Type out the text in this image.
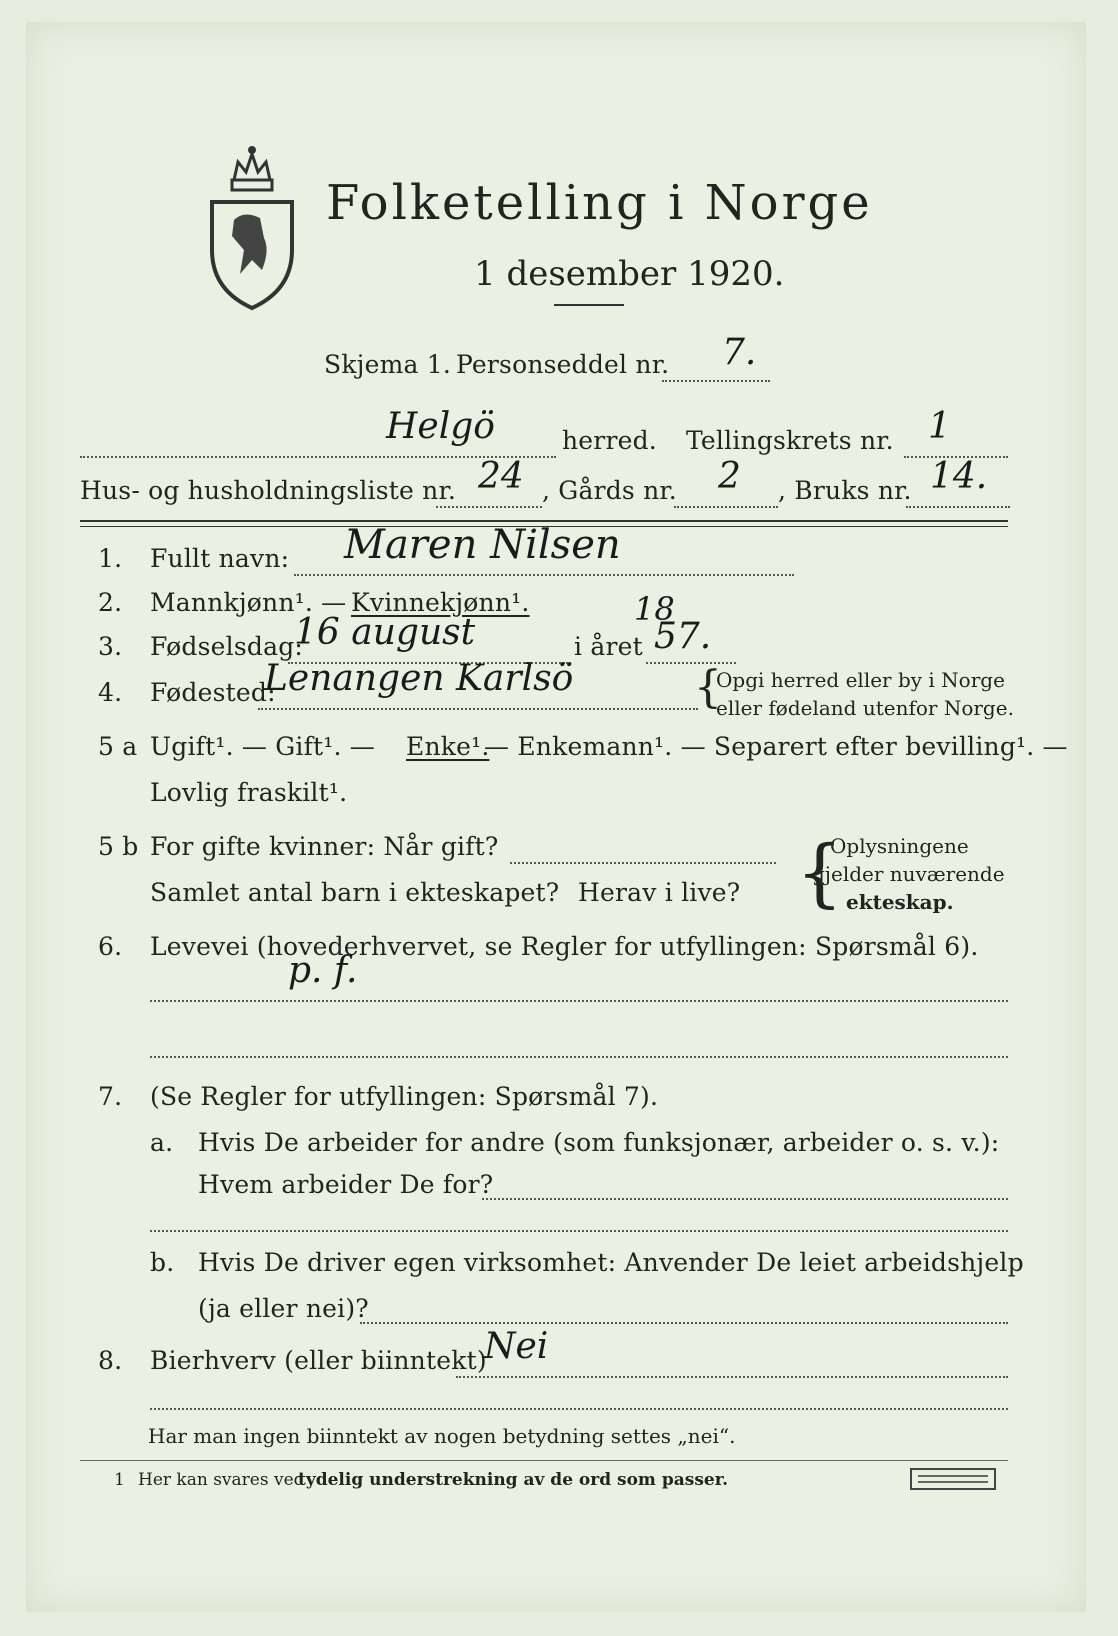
Folketelling i Norge
1 desember 1920.
Skjema 1. Personseddel nr. 7.
Helgö	herred. Tellingskrets nr. 1
Hus- og husholdningsliste nr. 24 , Gårds nr. 2 , Bruks nr. 14.
1. Fullt navn: Maren Nilsen
2. Mannkjønn¹. — Kvinnekjønn¹.
3. Fødselsdag:
16 august	i året
18
57.
4. Fødested:
Lenangen Karlsö	{
Opgi herred eller by i Norge
eller fødeland utenfor Norge.
5 a Ugift¹. — Gift¹. — Enke¹.
— Enkemann¹. — Separert efter bevilling¹. —
Lovlig fraskilt¹.
5 b For gifte kvinner: Når gift?
Samlet antal barn i ekteskapet? Herav i live? {
Oplysningene
gjelder nuværende
ekteskap.
6. Levevei (hovederhvervet, se Regler for utfyllingen: Spørsmål 6).
p. f.
7. (Se Regler for utfyllingen: Spørsmål 7).
a. Hvis De arbeider for andre (som funksjonær, arbeider o. s. v.):
Hvem arbeider De for?
b. Hvis De driver egen virksomhet: Anvender De leiet arbeidshjelp
(ja eller nei)?
8. Bierhverv (eller biinntekt)
Nei
Har man ingen biinntekt av nogen betydning settes „nei“.
1 Her kan svares ved
tydelig understrekning av de ord som passer.
